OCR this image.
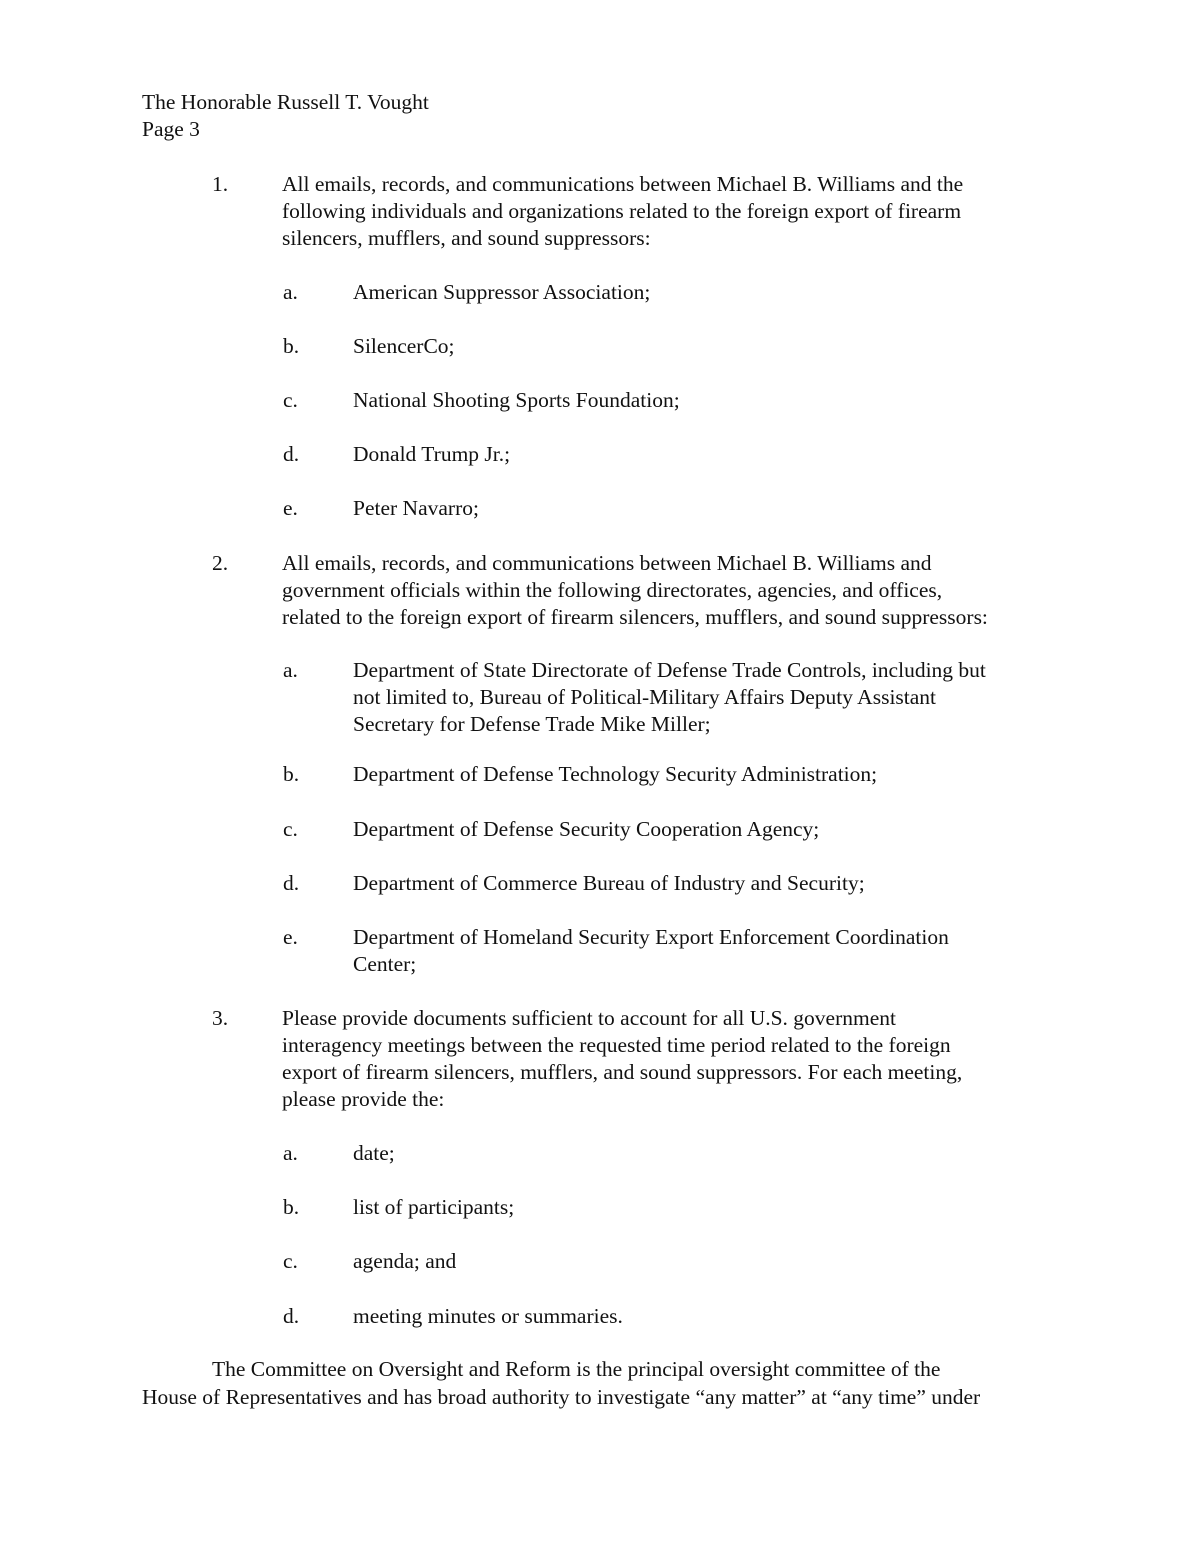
The Honorable Russell T. Vought
Page 3
1.	All emails, records, and communications between Michael B. Williams and the
following individuals and organizations related to the foreign export of firearm
silencers, mufflers, and sound suppressors:
a.	American Suppressor Association;
b.	SilencerCo;
c.	National Shooting Sports Foundation;
d.	Donald Trump Jr.;
e.	Peter Navarro;
2.	All emails, records, and communications between Michael B. Williams and
government officials within the following directorates, agencies, and offices,
related to the foreign export of firearm silencers, mufflers, and sound suppressors:
a.	Department of State Directorate of Defense Trade Controls, including but
not limited to, Bureau of Political-Military Affairs Deputy Assistant
Secretary for Defense Trade Mike Miller;
b.	Department of Defense Technology Security Administration;
c.	Department of Defense Security Cooperation Agency;
d.	Department of Commerce Bureau of Industry and Security;
e.	Department of Homeland Security Export Enforcement Coordination
Center;
3.	Please provide documents sufficient to account for all U.S. government
interagency meetings between the requested time period related to the foreign
export of firearm silencers, mufflers, and sound suppressors. For each meeting,
please provide the:
a.	date;
b.	list of participants;
c.	agenda; and
d.	meeting minutes or summaries.
The Committee on Oversight and Reform is the principal oversight committee of the
House of Representatives and has broad authority to investigate “any matter” at “any time” under
